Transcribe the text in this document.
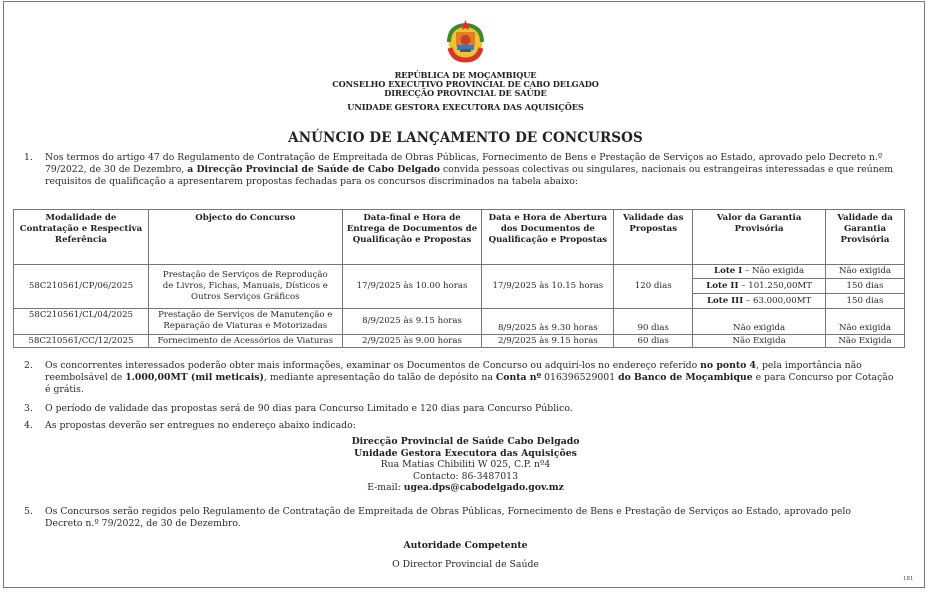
REPÚBLICA DE MOÇAMBIQUE
CONSELHO EXECUTIVO PROVINCIAL DE CABO DELGADO
DIRECÇÃO PROVINCIAL DE SAÚDE
UNIDADE GESTORA EXECUTORA DAS AQUISIÇÕES
ANÚNCIO DE LANÇAMENTO DE CONCURSOS
1. Nos termos do artigo 47 do Regulamento de Contratação de Empreitada de Obras Públicas, Fornecimento de Bens e Prestação de Serviços ao Estado, aprovado pelo Decreto n.º
79/2022, de 30 de Dezembro, a Direcção Provincial de Saúde de Cabo Delgado convida pessoas colectivas ou singulares, nacionais ou estrangeiras interessadas e que reúnem
requisitos de qualificação a apresentarem propostas fechadas para os concursos discriminados na tabela abaixo:
Modalidade de Contratação e Respectiva Referência	Objecto do Concurso	Data-final e Hora de Entrega de Documentos de Qualificação e Propostas	Data e Hora de Abertura dos Documentos de Qualificação e Propostas	Validade das Propostas	Valor da Garantia Provisória	Validade da Garantia Provisória
58C210561/CP/06/2025	Prestação de Serviços de Reprodução de Livros, Fichas, Manuais, Dísticos e Outros Serviços Gráficos	17/9/2025 às 10.00 horas	17/9/2025 às 10.15 horas	120 dias	Lote I – Não exigida	Não exigida
					Lote II – 101.250,00MT	150 dias
					Lote III – 63.000,00MT	150 dias
58C210561/CL/04/2025	Prestação de Serviços de Manutenção e Reparação de Viaturas e Motorizadas	8/9/2025 às 9.15 horas	8/9/2025 às 9.30 horas	90 dias	Não exigida	Não exigida
58C210561/CC/12/2025	Fornecimento de Acessórios de Viaturas	2/9/2025 às 9.00 horas	2/9/2025 às 9.15 horas	60 dias	Não Exigida	Não Exigida
2. Os concorrentes interessados poderão obter mais informações, examinar os Documentos de Concurso ou adquirí-los no endereço referido no ponto 4, pela importância não
reembolsável de 1.000,00MT (mil meticais), mediante apresentação do talão de depósito na Conta nº 016396529001 do Banco de Moçambique e para Concurso por Cotação
é grátis.
3. O período de validade das propostas será de 90 dias para Concurso Limitado e 120 dias para Concurso Público.
4. As propostas deverão ser entregues no endereço abaixo indicado:
Direcção Provincial de Saúde Cabo Delgado
Unidade Gestora Executora das Aquisições
Rua Matias Chibiliti W 025, C.P. nº4
Contacto: 86-3487013
E-mail: ugea.dps@cabodelgado.gov.mz
5. Os Concursos serão regidos pelo Regulamento de Contratação de Empreitada de Obras Públicas, Fornecimento de Bens e Prestação de Serviços ao Estado, aprovado pelo
Decreto n.º 79/2022, de 30 de Dezembro.
Autoridade Competente
O Director Provincial de Saúde
181
